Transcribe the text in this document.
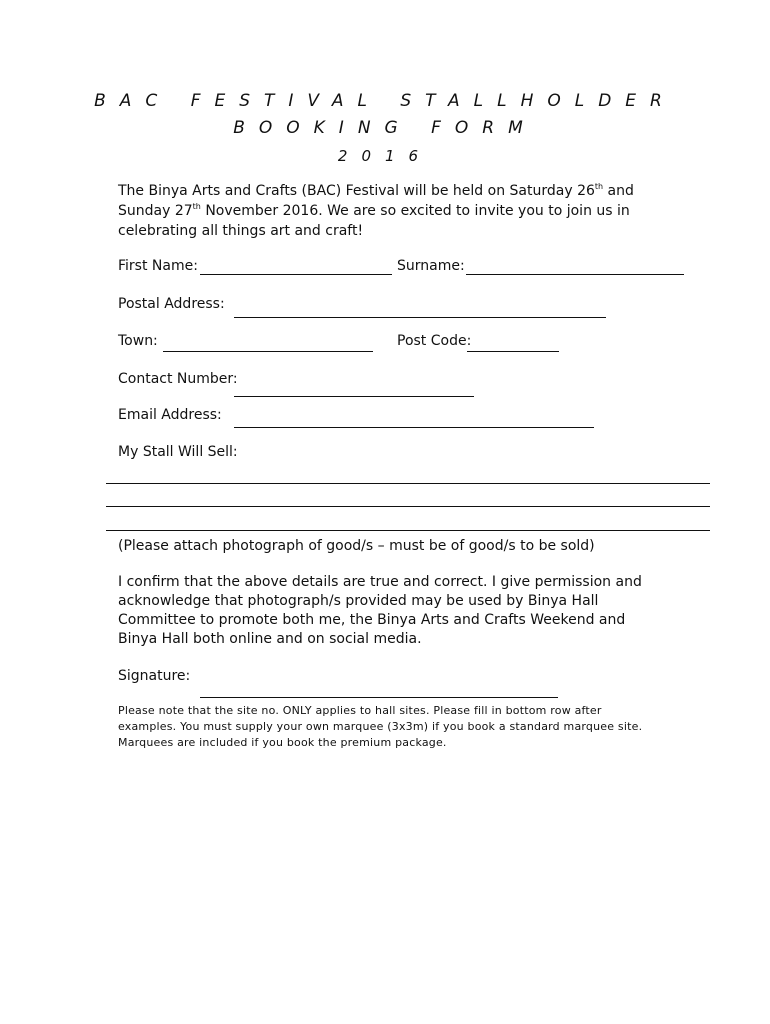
BAC FESTIVAL STALLHOLDER
BOOKING FORM
2016
The Binya Arts and Crafts (BAC) Festival will be held on Saturday 26th and Sunday 27th November 2016. We are so excited to invite you to join us in celebrating all things art and craft!
First Name:	Surname:
Postal Address:
Town:	Post Code:
Contact Number:
Email Address:
My Stall Will Sell:
(Please attach photograph of good/s – must be of good/s to be sold)
I confirm that the above details are true and correct. I give permission and acknowledge that photograph/s provided may be used by Binya Hall Committee to promote both me, the Binya Arts and Crafts Weekend and Binya Hall both online and on social media.
Signature:
Please note that the site no. ONLY applies to hall sites. Please fill in bottom row after examples. You must supply your own marquee (3x3m) if you book a standard marquee site. Marquees are included if you book the premium package.
